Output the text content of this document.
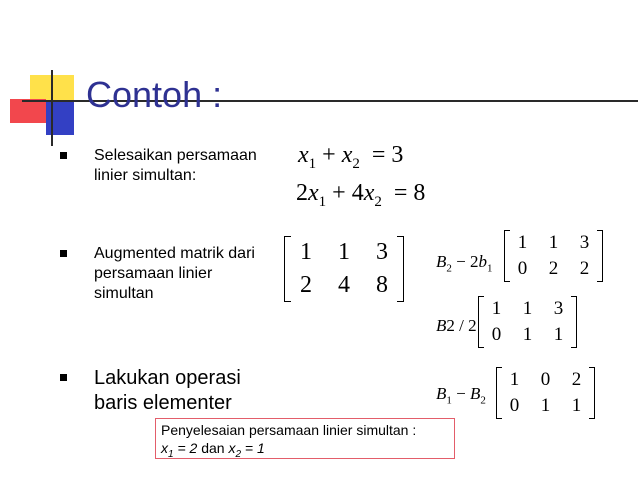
Contoh :
Selesaikan persamaan
linier simultan:
Augmented matrik dari
persamaan linier
simultan
Lakukan operasi
baris elementer
$x_1 + x_2 = 3$
$2x_1 + 4x_2 = 8$
1	1	3
2	4	8
$B_2 - 2b_1$
1	1	3
0	2	2
B2 / 2
1	1	3
0	1	1
$B_1 - B_2$
1	0	2
0	1	1
Penyelesaian persamaan linier simultan :
$x_1 = 2$ dan $x_2 = 1$
